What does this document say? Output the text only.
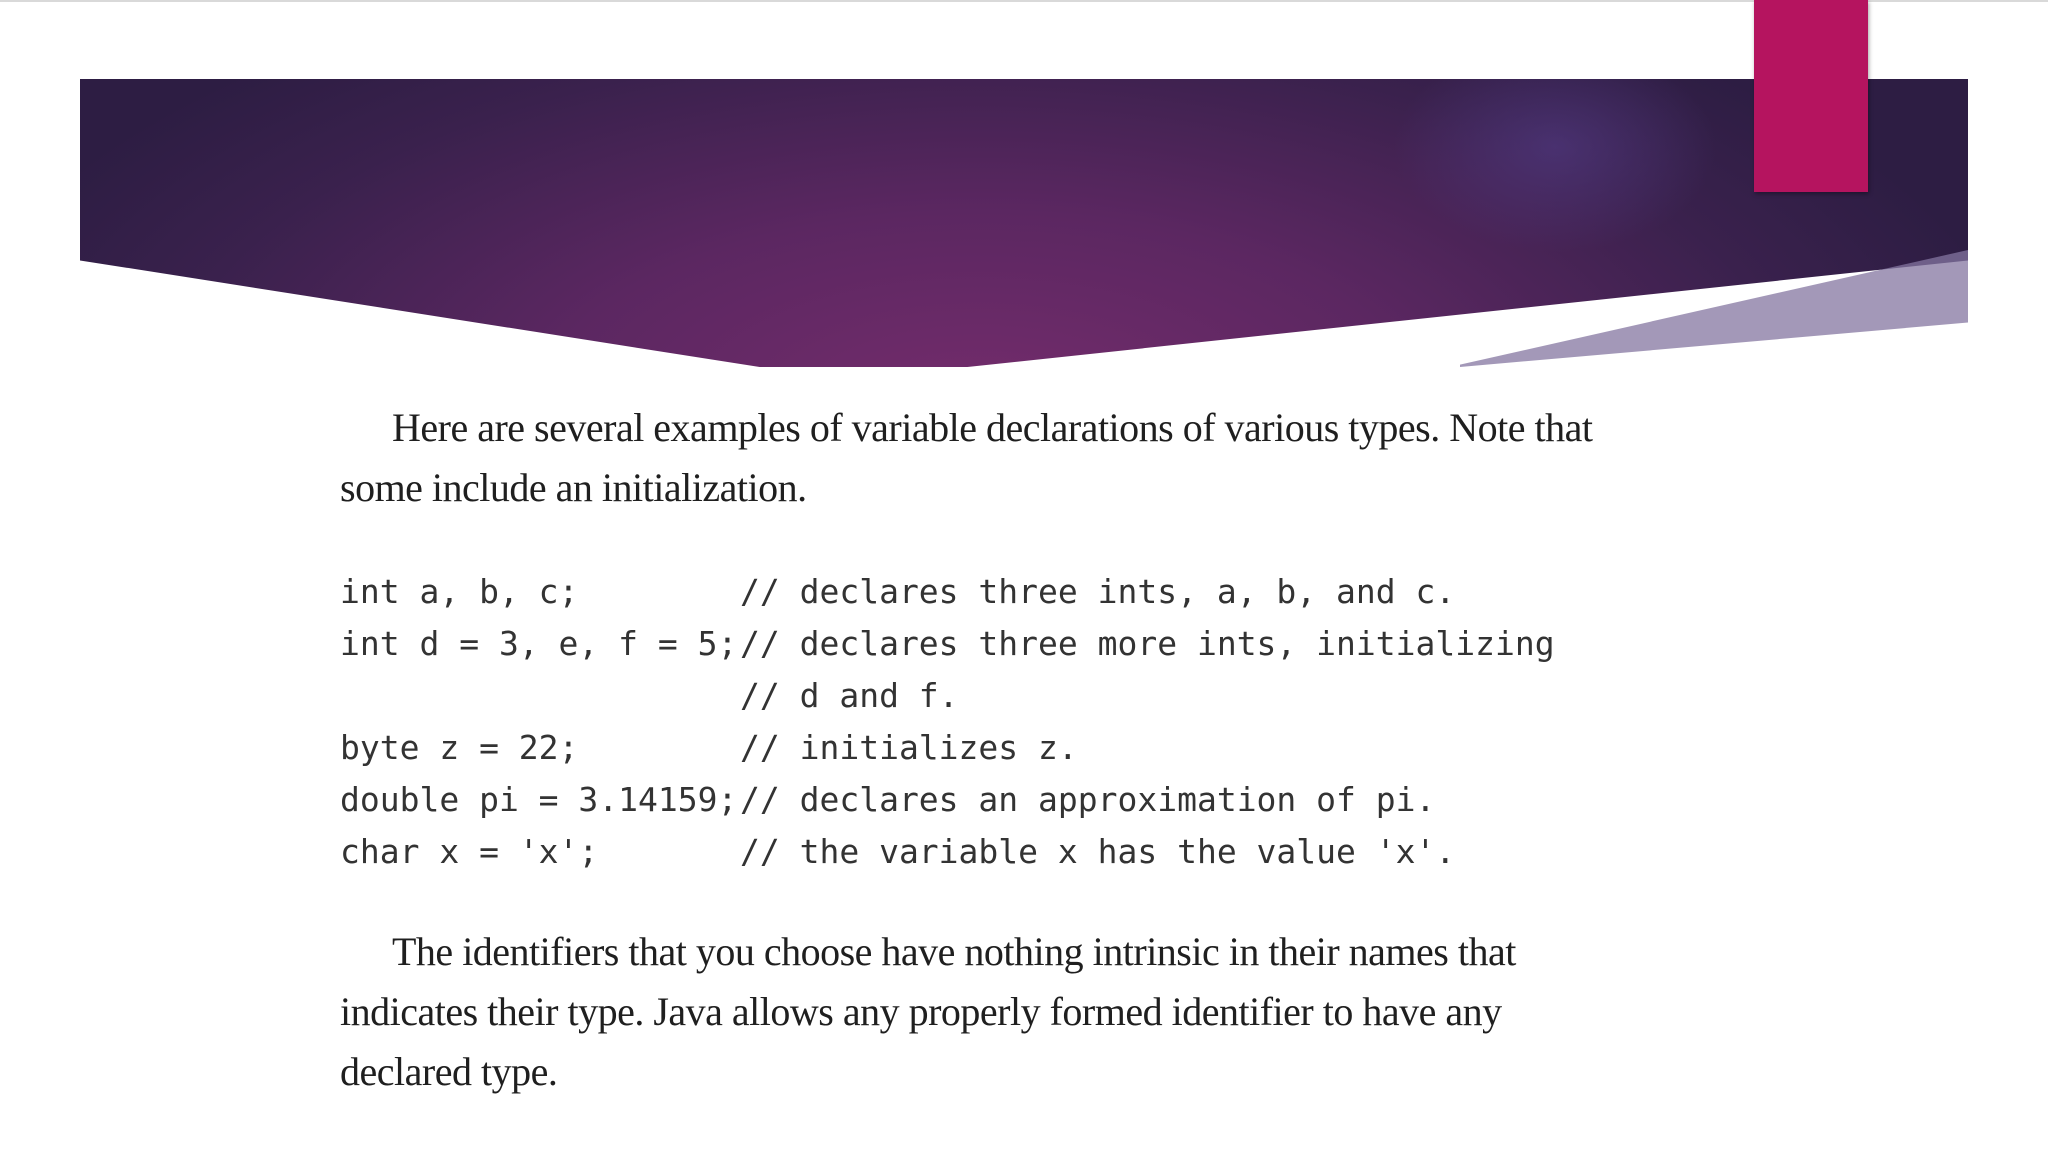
Here are several examples of variable declarations of various types. Note that some include an initialization.

int a, b, c;	// declares three ints, a, b, and c.
int d = 3, e, f = 5; // declares three more ints, initializing
// d and f.
byte z = 22;	// initializes z.
double pi = 3.14159; // declares an approximation of pi.
char x = 'x';	// the variable x has the value 'x'.

The identifiers that you choose have nothing intrinsic in their names that indicates their type. Java allows any properly formed identifier to have any declared type.
